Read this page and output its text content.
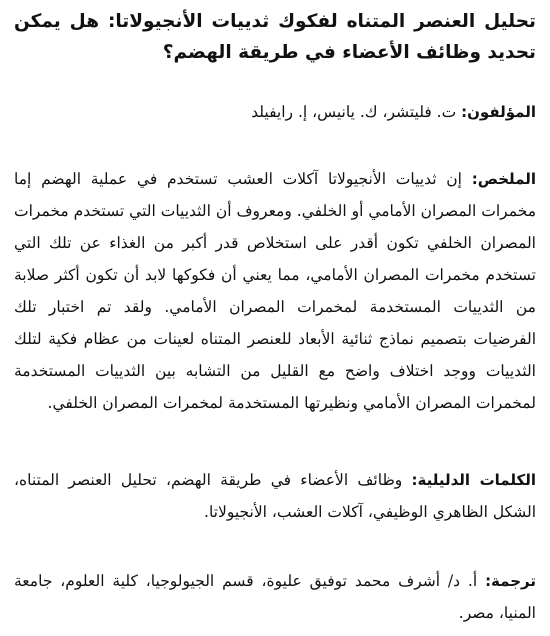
تحليل العنصر المتناه لفكوك ثدييات الأنجيولاتا: هل يمكن تحديد وظائف الأعضاء في طريقة الهضم؟

المؤلفون: ت. فليتشر، ك. يانيس، إ. رايفيلد

الملخص: إن ثدييات الأنجيولاتا آكلات العشب تستخدم في عملية الهضم إما مخمرات المصران الأمامي أو الخلفي. ومعروف أن الثدييات التي تستخدم مخمرات المصران الخلفي تكون أقدر على استخلاص قدر أكبر من الغذاء عن تلك التي تستخدم مخمرات المصران الأمامي، مما يعني أن فكوكها لابد أن تكون أكثر صلابة من الثدييات المستخدمة لمخمرات المصران الأمامي. ولقد تم اختبار تلك الفرضيات بتصميم نماذج ثنائية الأبعاد للعنصر المتناه لعينات من عظام فكية لتلك الثدييات ووجد اختلاف واضح مع القليل من التشابه بين الثدييات المستخدمة لمخمرات المصران الأمامي ونظيرتها المستخدمة لمخمرات المصران الخلفي.

الكلمات الدليلية: وظائف الأعضاء في طريقة الهضم، تحليل العنصر المتناه، الشكل الظاهري الوظيفي، آكلات العشب، الأنجيولاتا.

ترجمة: أ. د/ أشرف محمد توفيق عليوة، قسم الجيولوجيا، كلية العلوم، جامعة المنيا، مصر.
